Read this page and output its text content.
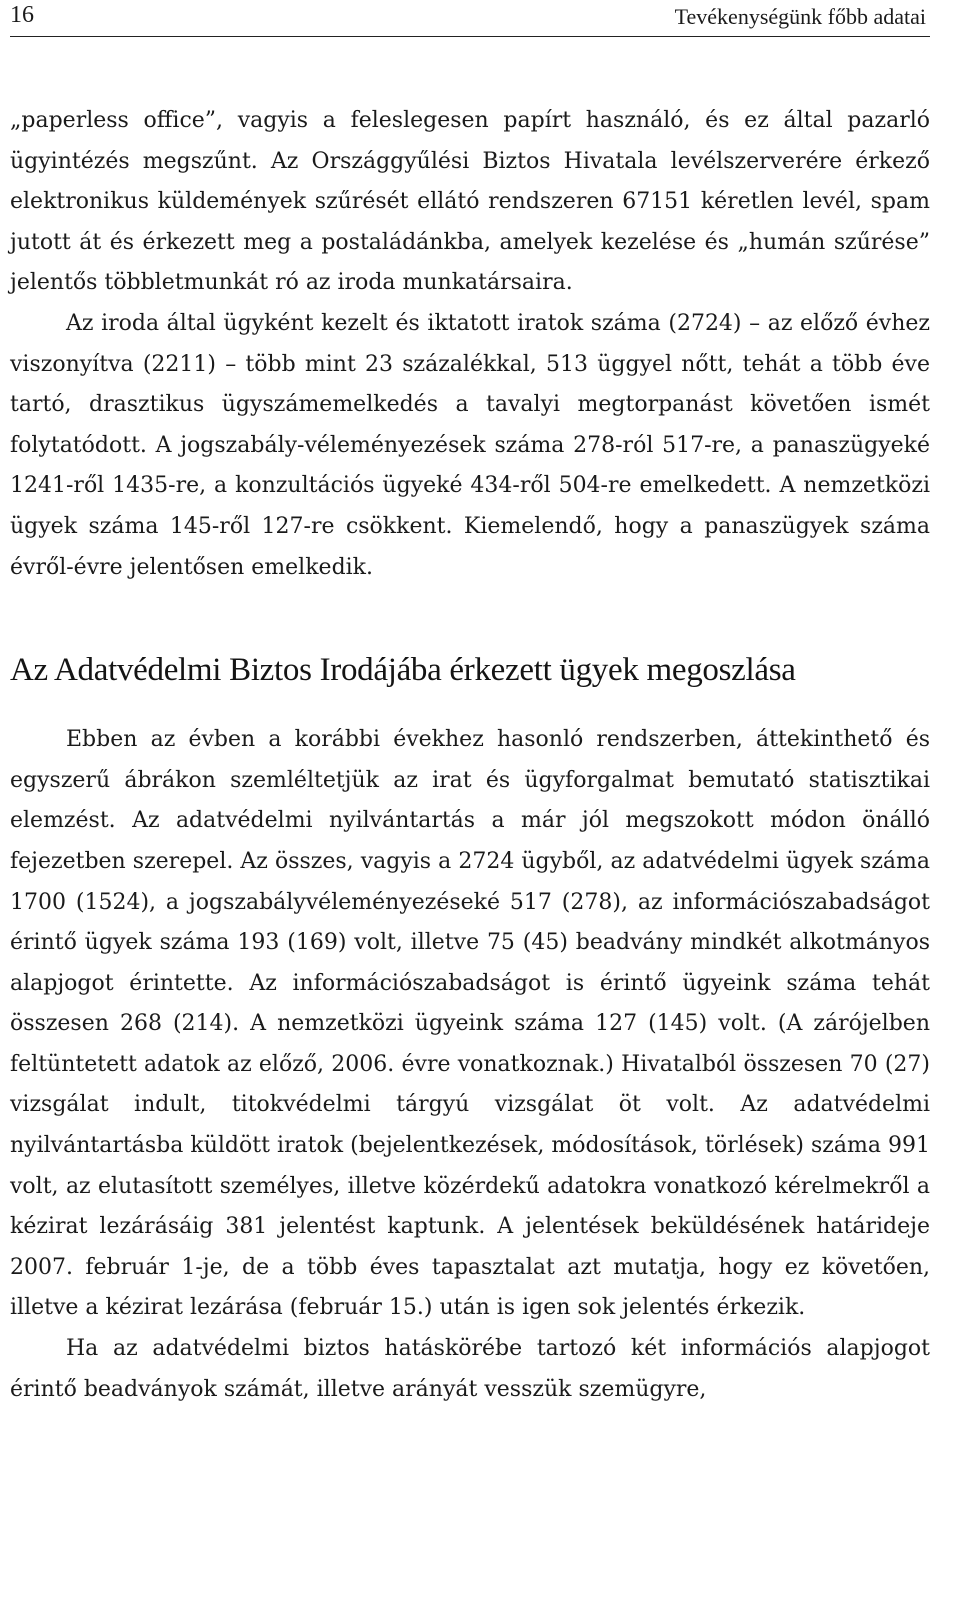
16	Tevékenységünk főbb adatai

„paperless office”, vagyis a feleslegesen papírt használó, és ez által pazarló ügyintézés megszűnt. Az Országgyűlési Biztos Hivatala levélszerverére érkező elektronikus küldemények szűrését ellátó rendszeren 67151 kéretlen levél, spam jutott át és érkezett meg a postaládánkba, amelyek kezelése és „humán szűrése” jelentős többletmunkát ró az iroda munkatársaira.

Az iroda által ügyként kezelt és iktatott iratok száma (2724) – az előző évhez viszonyítva (2211) – több mint 23 százalékkal, 513 üggyel nőtt, tehát a több éve tartó, drasztikus ügyszámemelkedés a tavalyi megtorpanást követően ismét folytatódott. A jogszabály-véleményezések száma 278-ról 517-re, a panaszügyeké 1241-ről 1435-re, a konzultációs ügyeké 434-ről 504-re emelkedett. A nemzetközi ügyek száma 145-ről 127-re csökkent. Kiemelendő, hogy a panaszügyek száma évről-évre jelentősen emelkedik.

Az Adatvédelmi Biztos Irodájába érkezett ügyek megoszlása

Ebben az évben a korábbi évekhez hasonló rendszerben, áttekinthető és egyszerű ábrákon szemléltetjük az irat és ügyforgalmat bemutató statisztikai elemzést. Az adatvédelmi nyilvántartás a már jól megszokott módon önálló fejezetben szerepel. Az összes, vagyis a 2724 ügyből, az adatvédelmi ügyek száma 1700 (1524), a jogszabályvéleményezéseké 517 (278), az információszabadságot érintő ügyek száma 193 (169) volt, illetve 75 (45) beadvány mindkét alkotmányos alapjogot érintette. Az információszabadságot is érintő ügyeink száma tehát összesen 268 (214). A nemzetközi ügyeink száma 127 (145) volt. (A zárójelben feltüntetett adatok az előző, 2006. évre vonatkoznak.) Hivatalból összesen 70 (27) vizsgálat indult, titokvédelmi tárgyú vizsgálat öt volt. Az adatvédelmi nyilvántartásba küldött iratok (bejelentkezések, módosítások, törlések) száma 991 volt, az elutasított személyes, illetve közérdekű adatokra vonatkozó kérelmekről a kézirat lezárásáig 381 jelentést kaptunk. A jelentések beküldésének határideje 2007. február 1-je, de a több éves tapasztalat azt mutatja, hogy ez követően, illetve a kézirat lezárása (február 15.) után is igen sok jelentés érkezik.

Ha az adatvédelmi biztos hatáskörébe tartozó két információs alapjogot érintő beadványok számát, illetve arányát vesszük szemügyre,
